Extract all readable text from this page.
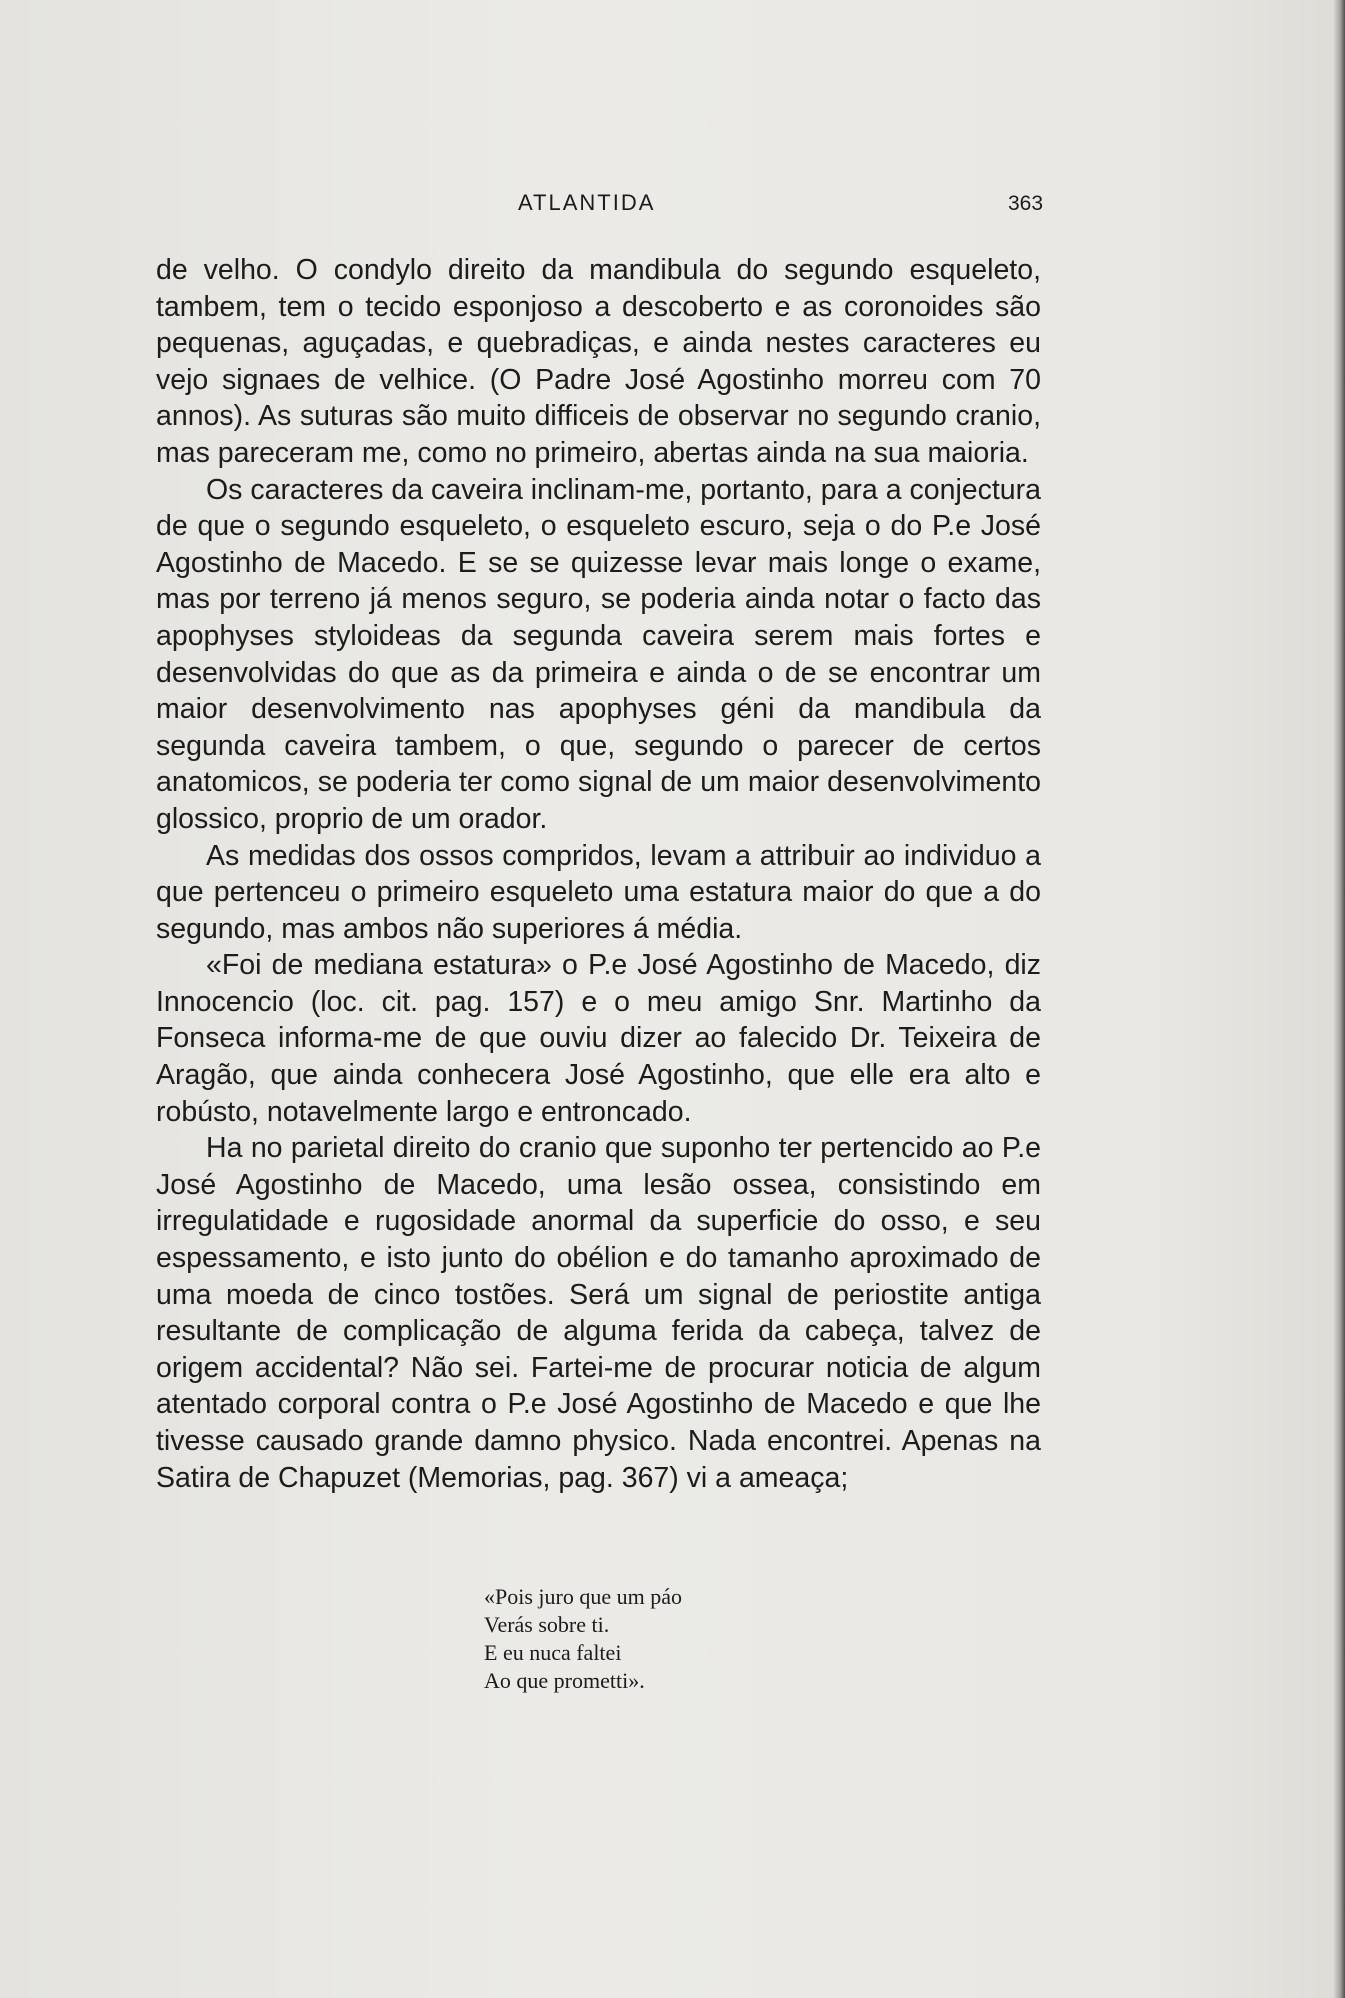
ATLANTIDA	363

de velho. O condylo direito da mandibula do segundo esqueleto, tambem, tem o tecido esponjoso a descoberto e as coronoides são pequenas, aguçadas, e quebradiças, e ainda nestes caracteres eu vejo signaes de velhice. (O Padre José Agostinho morreu com 70 annos). As suturas são muito difficeis de observar no segundo cranio, mas pareceram me, como no primeiro, abertas ainda na sua maioria.

Os caracteres da caveira inclinam-me, portanto, para a conjectura de que o segundo esqueleto, o esqueleto escuro, seja o do P.e José Agostinho de Macedo. E se se quizesse levar mais longe o exame, mas por terreno já menos seguro, se poderia ainda notar o facto das apophyses styloideas da segunda caveira serem mais fortes e desenvolvidas do que as da primeira e ainda o de se encontrar um maior desenvolvimento nas apophyses géni da mandibula da segunda caveira tambem, o que, segundo o parecer de certos anatomicos, se poderia ter como signal de um maior desenvolvimento glossico, proprio de um orador.

As medidas dos ossos compridos, levam a attribuir ao individuo a que pertenceu o primeiro esqueleto uma estatura maior do que a do segundo, mas ambos não superiores á média.

«Foi de mediana estatura» o P.e José Agostinho de Macedo, diz Innocencio (loc. cit. pag. 157) e o meu amigo Snr. Martinho da Fonseca informa-me de que ouviu dizer ao falecido Dr. Teixeira de Aragão, que ainda conhecera José Agostinho, que elle era alto e robústo, notavelmente largo e entroncado.

Ha no parietal direito do cranio que suponho ter pertencido ao P.e José Agostinho de Macedo, uma lesão ossea, consistindo em irregulatidade e rugosidade anormal da superficie do osso, e seu espessamento, e isto junto do obélion e do tamanho aproximado de uma moeda de cinco tostões. Será um signal de periostite antiga resultante de complicação de alguma ferida da cabeça, talvez de origem accidental? Não sei. Fartei-me de procurar noticia de algum atentado corporal contra o P.e José Agostinho de Macedo e que lhe tivesse causado grande damno physico. Nada encontrei. Apenas na Satira de Chapuzet (Memorias, pag. 367) vi a ameaça;

«Pois juro que um páo
Verás sobre ti.
E eu nuca faltei
Ao que prometti».
